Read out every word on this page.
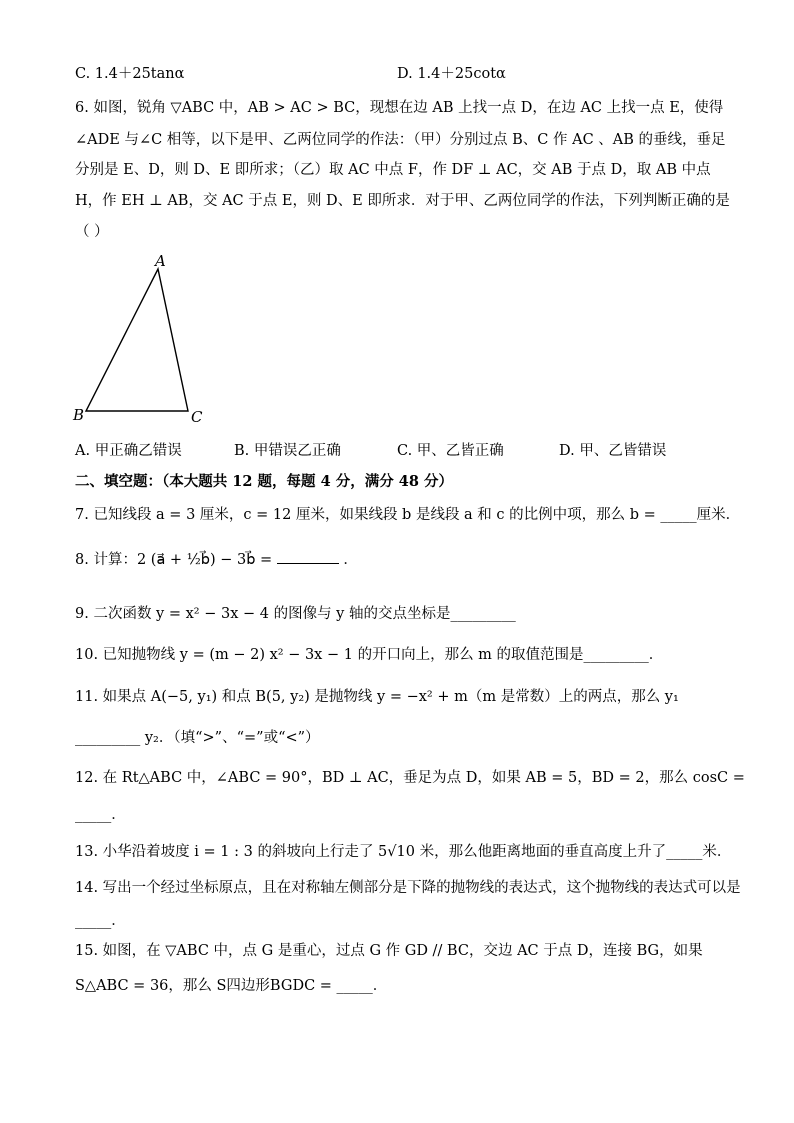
C. 1.4＋25tanα	D. 1.4＋25cotα
6. 如图，锐角 ▽ABC 中，AB > AC > BC，现想在边 AB 上找一点 D，在边 AC 上找一点 E，使得
∠ADE 与∠C 相等，以下是甲、乙两位同学的作法：（甲）分别过点 B、C 作 AC 、AB 的垂线，垂足
分别是 E、D，则 D、E 即所求；（乙）取 AC 中点 F，作 DF ⊥ AC，交 AB 于点 D，取 AB 中点
H，作 EH ⊥ AB，交 AC 于点 E，则 D、E 即所求．对于甲、乙两位同学的作法，下列判断正确的是
（ ）
A
B	C
A. 甲正确乙错误	B. 甲错误乙正确	C. 甲、乙皆正确	D. 甲、乙皆错误
二、填空题：（本大题共 12 题，每题 4 分，满分 48 分）
7. 已知线段 a = 3 厘米，c = 12 厘米，如果线段 b 是线段 a 和 c 的比例中项，那么 b = _____厘米．
8. 计算：2 (a⃗ + ½b⃗) − 3b⃗ =	．
9. 二次函数 y = x² − 3x − 4 的图像与 y 轴的交点坐标是_________
10. 已知抛物线 y = (m − 2) x² − 3x − 1 的开口向上，那么 m 的取值范围是_________．
11. 如果点 A(−5, y₁) 和点 B(5, y₂) 是抛物线 y = −x² + m（m 是常数）上的两点，那么 y₁
_________ y₂．（填“>”、“=”或“<”）
12. 在 Rt△ABC 中，∠ABC = 90°，BD ⊥ AC，垂足为点 D，如果 AB = 5，BD = 2，那么 cosC =
_____．
13. 小华沿着坡度 i = 1 : 3 的斜坡向上行走了 5√10 米，那么他距离地面的垂直高度上升了_____米．
14. 写出一个经过坐标原点，且在对称轴左侧部分是下降的抛物线的表达式，这个抛物线的表达式可以是
_____．
15. 如图，在 ▽ABC 中，点 G 是重心，过点 G 作 GD // BC，交边 AC 于点 D，连接 BG，如果
S△ABC = 36，那么 S四边形BGDC = _____．
